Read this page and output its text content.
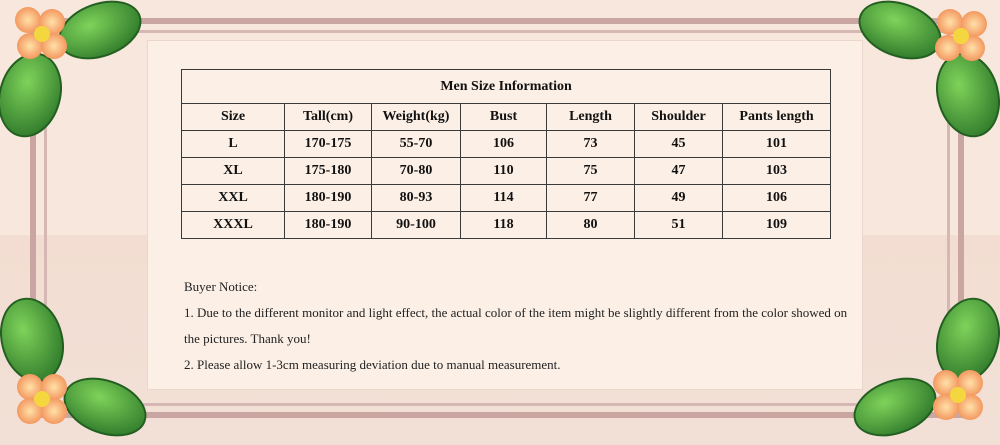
Men Size Information						
Size	Tall(cm)	Weight(kg)	Bust	Length	Shoulder	Pants length
L	170-175	55-70	106	73	45	101
XL	175-180	70-80	110	75	47	103
XXL	180-190	80-93	114	77	49	106
XXXL	180-190	90-100	118	80	51	109

Buyer Notice:

1. Due to the different monitor and light effect, the actual color of the item might be slightly different from the color showed on

the pictures. Thank you!

2. Please allow 1-3cm measuring deviation due to manual measurement.
